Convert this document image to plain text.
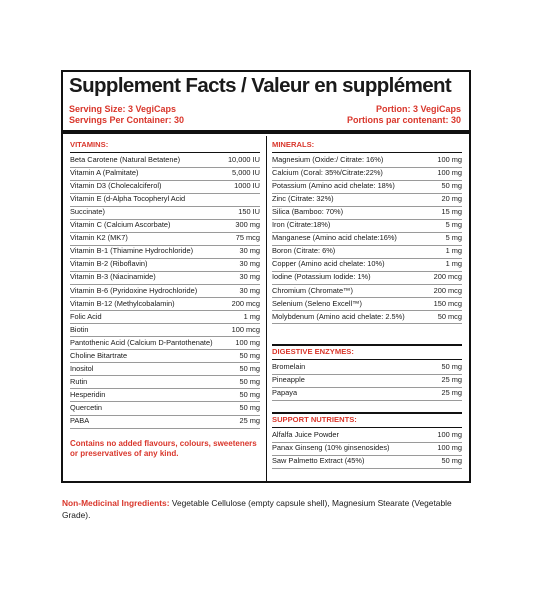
Supplement Facts / Valeur en supplément
Serving Size: 3 VegiCaps
Servings Per Container: 30
Portion: 3 VegiCaps
Portions par contenant: 30
VITAMINS:
Beta Carotene (Natural Betatene)	10,000 IU
Vitamin A (Palmitate)	5,000 IU
Vitamin D3 (Cholecalciferol)	1000 IU
Vitamin E (d-Alpha Tocopheryl Acid
Succinate)	150 IU
Vitamin C (Calcium Ascorbate)	300 mg
Vitamin K2 (MK7)	75 mcg
Vitamin B-1 (Thiamine Hydrochloride)	30 mg
Vitamin B-2 (Riboflavin)	30 mg
Vitamin B-3 (Niacinamide)	30 mg
Vitamin B-6 (Pyridoxine Hydrochloride)	30 mg
Vitamin B-12 (Methylcobalamin)	200 mcg
Folic Acid	1 mg
Biotin	100 mcg
Pantothenic Acid (Calcium D-Pantothenate)	100 mg
Choline Bitartrate	50 mg
Inositol	50 mg
Rutin	50 mg
Hesperidin	50 mg
Quercetin	50 mg
PABA	25 mg
MINERALS:
Magnesium (Oxide:/ Citrate: 16%)	100 mg
Calcium (Coral: 35%/Citrate:22%)	100 mg
Potassium (Amino acid chelate: 18%)	50 mg
Zinc (Citrate: 32%)	20 mg
Silica (Bamboo: 70%)	15 mg
Iron (Citrate:18%)	5 mg
Manganese (Amino acid chelate:16%)	5 mg
Boron (Citrate: 6%)	1 mg
Copper (Amino acid chelate: 10%)	1 mg
Iodine (Potassium Iodide: 1%)	200 mcg
Chromium (Chromate™)	200 mcg
Selenium (Seleno Excell™)	150 mcg
Molybdenum (Amino acid chelate: 2.5%)	50 mcg
DIGESTIVE ENZYMES:
Bromelain	50 mg
Pineapple	25 mg
Papaya	25 mg
SUPPORT NUTRIENTS:
Alfalfa Juice Powder	100 mg
Panax Ginseng (10% ginsenosides)	100 mg
Saw Palmetto Extract (45%)	50 mg
Contains no added flavours, colours, sweeteners or preservatives of any kind.
Non-Medicinal Ingredients: Vegetable Cellulose (empty capsule shell), Magnesium Stearate (Vegetable Grade).
